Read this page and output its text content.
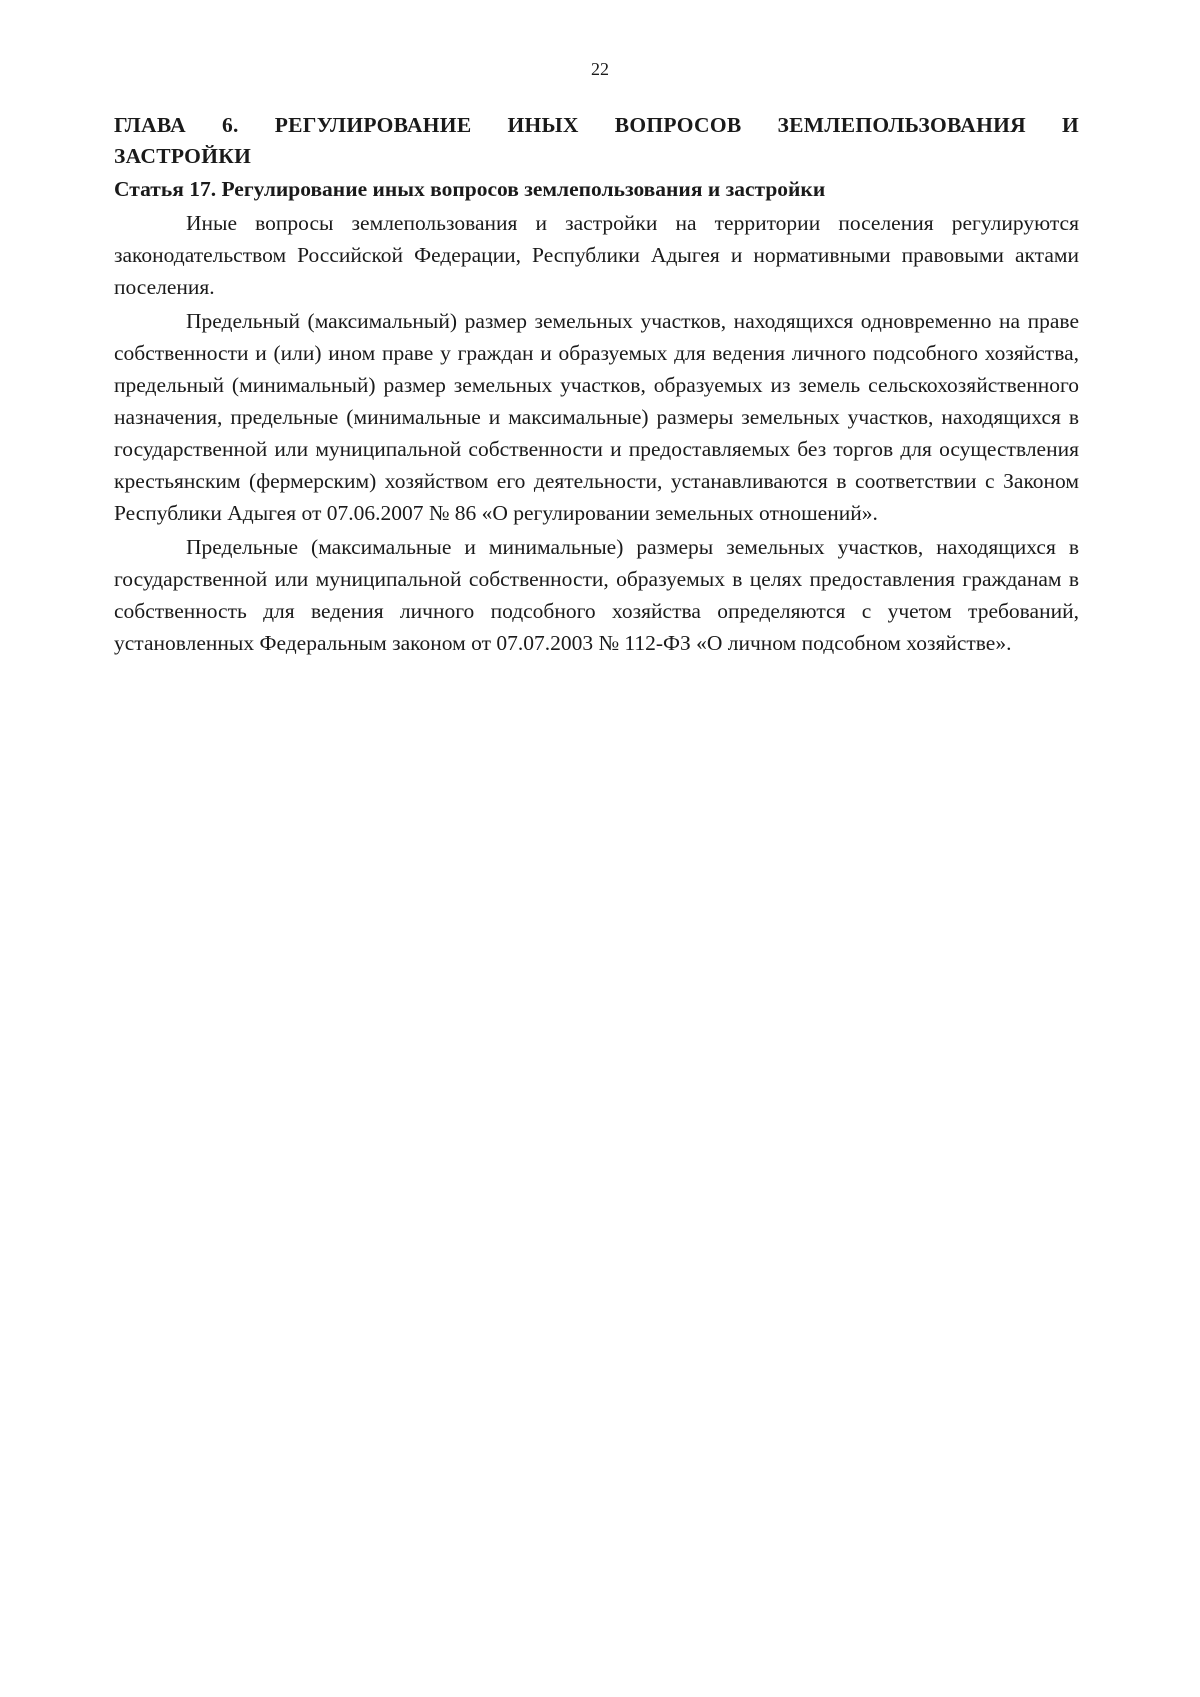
22
ГЛАВА 6. РЕГУЛИРОВАНИЕ ИНЫХ ВОПРОСОВ ЗЕМЛЕПОЛЬЗОВАНИЯ И
ЗАСТРОЙКИ
Статья 17. Регулирование иных вопросов землепользования и застройки

Иные вопросы землепользования и застройки на территории поселения регулируются законодательством Российской Федерации, Республики Адыгея и нормативными правовыми актами поселения.

Предельный (максимальный) размер земельных участков, находящихся одновременно на праве собственности и (или) ином праве у граждан и образуемых для ведения личного подсобного хозяйства, предельный (минимальный) размер земельных участков, образуемых из земель сельскохозяйственного назначения, предельные (минимальные и максимальные) размеры земельных участков, находящихся в государственной или муниципальной собственности и предоставляемых без торгов для осуществления крестьянским (фермерским) хозяйством его деятельности, устанавливаются в соответствии с Законом Республики Адыгея от 07.06.2007 № 86 «О регулировании земельных отношений».

Предельные (максимальные и минимальные) размеры земельных участков, находящихся в государственной или муниципальной собственности, образуемых в целях предоставления гражданам в собственность для ведения личного подсобного хозяйства определяются с учетом требований, установленных Федеральным законом от 07.07.2003 № 112-ФЗ «О личном подсобном хозяйстве».
